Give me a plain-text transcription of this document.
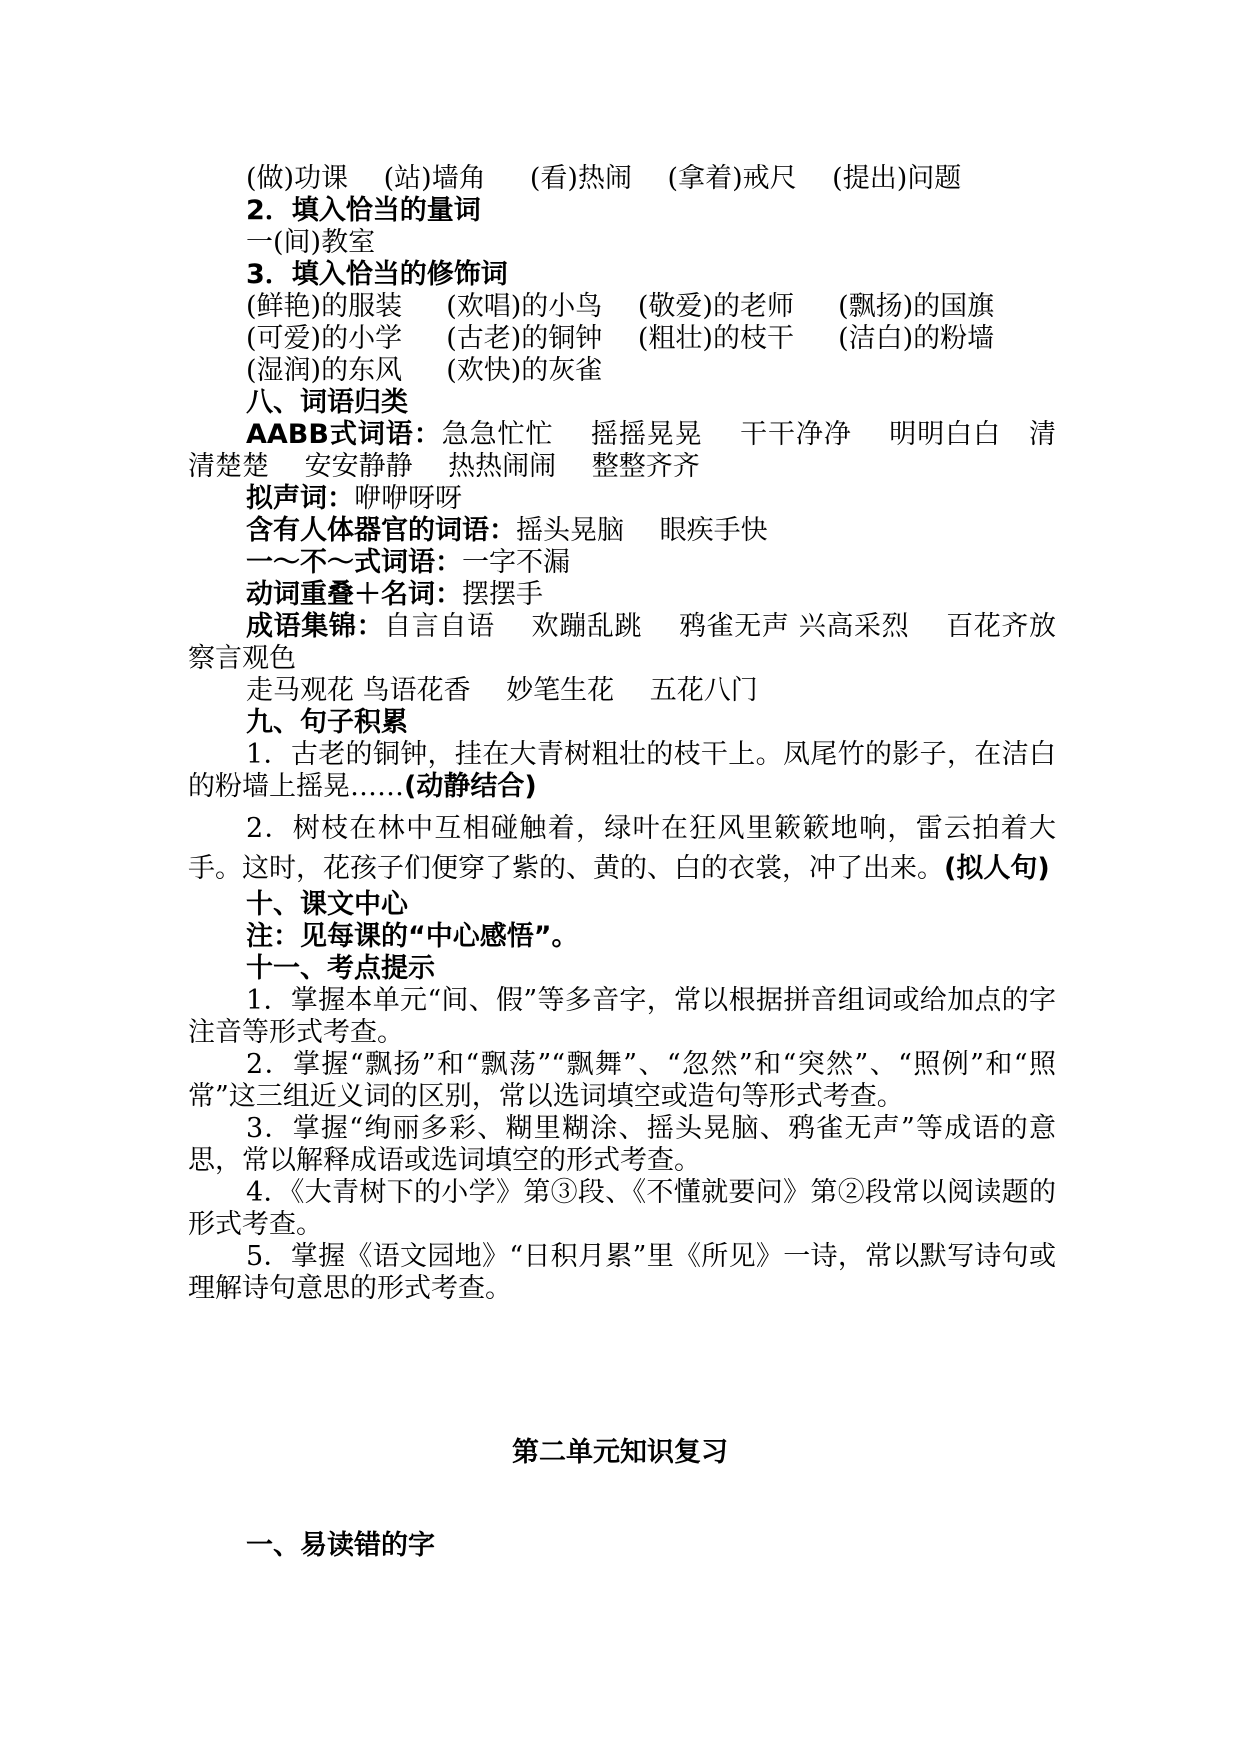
(做)功课　 (站)墙角 　 (看)热闹 　(拿着)戒尺 　(提出)问题
2．填入恰当的量词
一(间)教室
3．填入恰当的修饰词

(鲜艳)的服装 　 (欢唱)的小鸟 　(敬爱)的老师 　 (飘扬)的国旗

(可爱)的小学 　 (古老)的铜钟 　(粗壮)的枝干 　 (洁白)的粉墙

(湿润)的东风 　 (欢快)的灰雀
八、词语归类

AABB式词语：急急忙忙　 摇摇晃晃　 干干净净　 明明白白　清清楚楚　 安安静静　 热热闹闹　 整整齐齐

拟声词：咿咿呀呀
含有人体器官的词语：摇头晃脑　 眼疾手快
一～不～式词语：一字不漏
动词重叠＋名词：摆摆手

成语集锦：自言自语　 欢蹦乱跳　 鸦雀无声 兴高采烈　 百花齐放　 察言观色

走马观花 鸟语花香　 妙笔生花　 五花八门
九、句子积累

1．古老的铜钟，挂在大青树粗壮的枝干上。凤尾竹的影子，在洁白的粉墙上摇晃……(动静结合)

2．树枝在林中互相碰触着，绿叶在狂风里簌簌地响，雷云拍着大手。这时，花孩子们便穿了紫的、黄的、白的衣裳，冲了出来。(拟人句)

十、课文中心
注：见每课的“中心感悟”。
十一、考点提示

1．掌握本单元“间、假”等多音字，常以根据拼音组词或给加点的字注音等形式考查。

2．掌握“飘扬”和“飘荡”“飘舞”、“忽然”和“突然”、“照例”和“照常”这三组近义词的区别，常以选词填空或造句等形式考查。

3．掌握“绚丽多彩、糊里糊涂、摇头晃脑、鸦雀无声”等成语的意思，常以解释成语或选词填空的形式考查。

4．《大青树下的小学》第③段、《不懂就要问》第②段常以阅读题的形式考查。

5．掌握《语文园地》“日积月累”里《所见》一诗，常以默写诗句或理解诗句意思的形式考查。

第二单元知识复习
一、易读错的字
